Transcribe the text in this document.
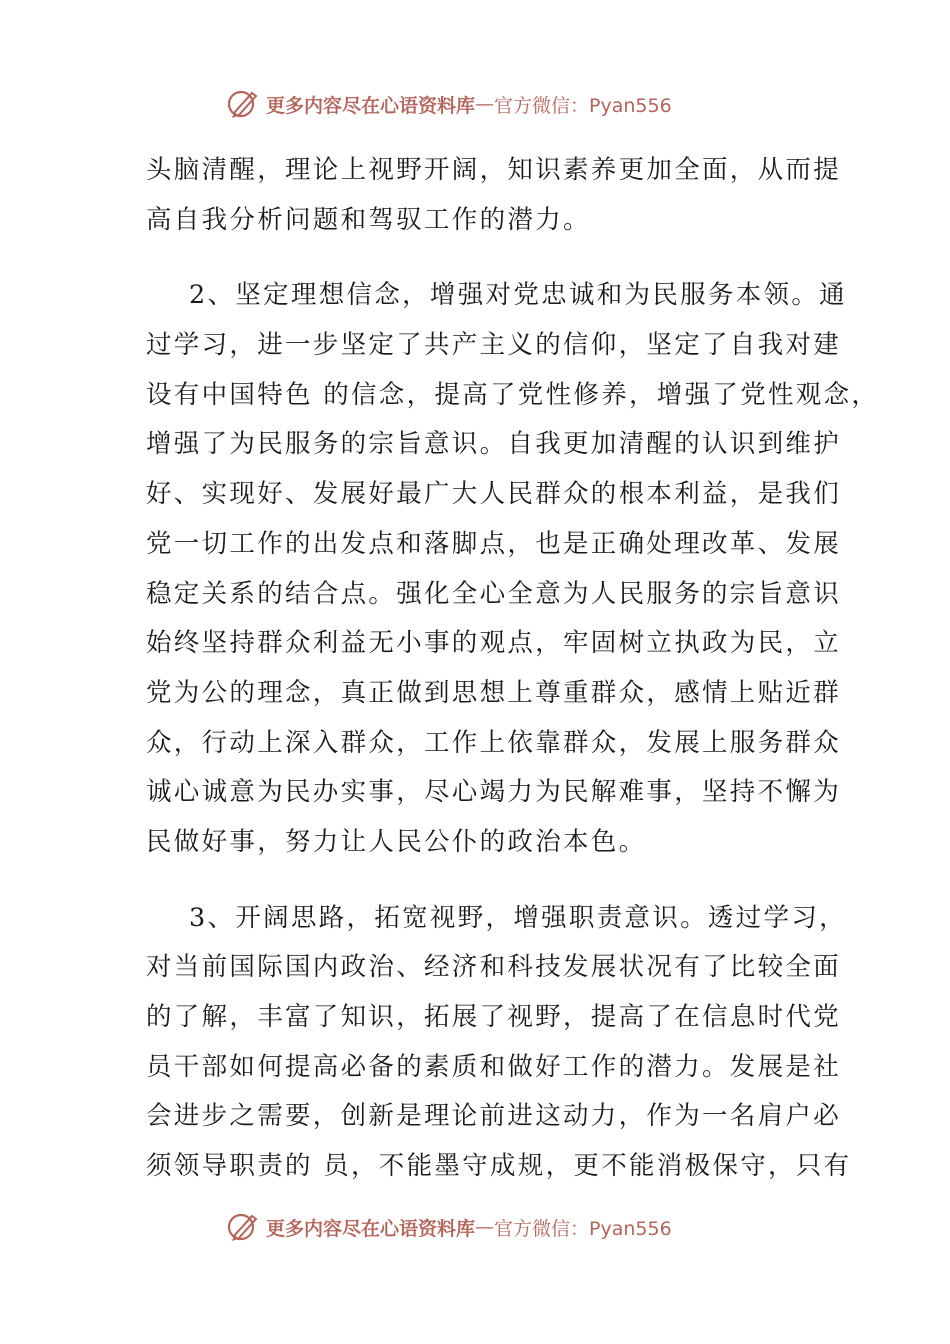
更多内容尽在心语资料库 — 官方微信：Pyan556
头脑清醒，理论上视野开阔，知识素养更加全面，从而提
高自我分析问题和驾驭工作的潜力。
2、坚定理想信念，增强对党忠诚和为民服务本领。通
过学习，进一步坚定了共产主义的信仰，坚定了自我对建
设有中国特色 的信念，提高了党性修养，增强了党性观念，
增强了为民服务的宗旨意识。自我更加清醒的认识到维护
好、实现好、发展好最广大人民群众的根本利益，是我们
党一切工作的出发点和落脚点，也是正确处理改革、发展
稳定关系的结合点。强化全心全意为人民服务的宗旨意识
始终坚持群众利益无小事的观点，牢固树立执政为民，立
党为公的理念，真正做到思想上尊重群众，感情上贴近群
众，行动上深入群众，工作上依靠群众，发展上服务群众
诚心诚意为民办实事，尽心竭力为民解难事，坚持不懈为
民做好事，努力让人民公仆的政治本色。
3、开阔思路，拓宽视野，增强职责意识。透过学习，
对当前国际国内政治、经济和科技发展状况有了比较全面
的了解，丰富了知识，拓展了视野，提高了在信息时代党
员干部如何提高必备的素质和做好工作的潜力。发展是社
会进步之需要，创新是理论前进这动力，作为一名肩户必
须领导职责的 员，不能墨守成规，更不能消极保守，只有
更多内容尽在心语资料库 — 官方微信：Pyan556
